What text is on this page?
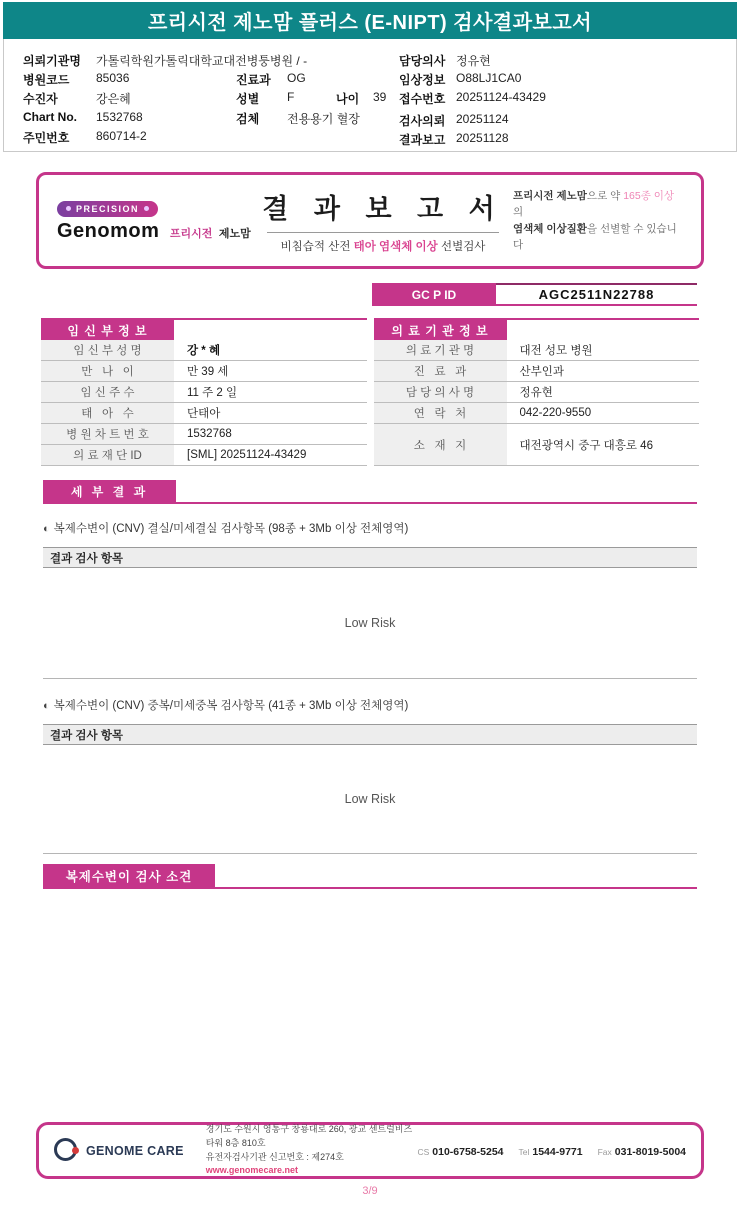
프리시전 제노맘 플러스 (E-NIPT) 검사결과보고서
의뢰기관명 가톨릭학원가톨릭대학교대전병퉁병원 / -	담당의사 정유현
병원코드 85036	진료과 OG	임상정보 O88LJ1CA0
수진자	강은혜	성별 F	나이 39 접수번호 20251124-43429
Chart No. 1532768	검체 전용용기 혈장	검사의뢰 20251124
주민번호 860714-2	결과보고 20251128
PRECISION
Genomom 프리시전 제노맘
결 과 보 고 서
비침습적 산전 태아 염색체 이상 선별검사
프리시전 제노맘으로 약 165종 이상의
염색체 이상질환을 선별할 수 있습니다
GC P ID	AGC2511N22788
임 신 부 정 보
임 신 부 성 명	강 * 혜
만   나   이	만 39 세
임 신 주 수	11 주 2 일
태   아   수	단태아
병 원 차 트 번 호	1532768
의 료 재 단 ID	[SML] 20251124-43429
의 료 기 관 정 보
의 료 기 관 명	대전 성모 병원
진   료   과	산부인과
담 당 의 사 명	정유현
연   락   처	042-220-9550
소   재   지	대전광역시 중구 대흥로 46
세 부 결 과
◐ 복제수변이 (CNV) 결실/미세결실 검사항목 (98종 + 3Mb 이상 전체영역)
결과 검사 항목
Low Risk
◐ 복제수변이 (CNV) 중복/미세중복 검사항목 (41종 + 3Mb 이상 전체영역)
결과 검사 항목
Low Risk
복제수변이 검사 소견
GENOME CARE
경기도 수원시 영통구 창룡대로 260, 광교 센트럴비즈타워 8층 810호
유전자검사기관 신고번호 : 제274호
www.genomecare.net
CS 010-6758-5254 Tel 1544-9771 Fax 031-8019-5004
3/9
